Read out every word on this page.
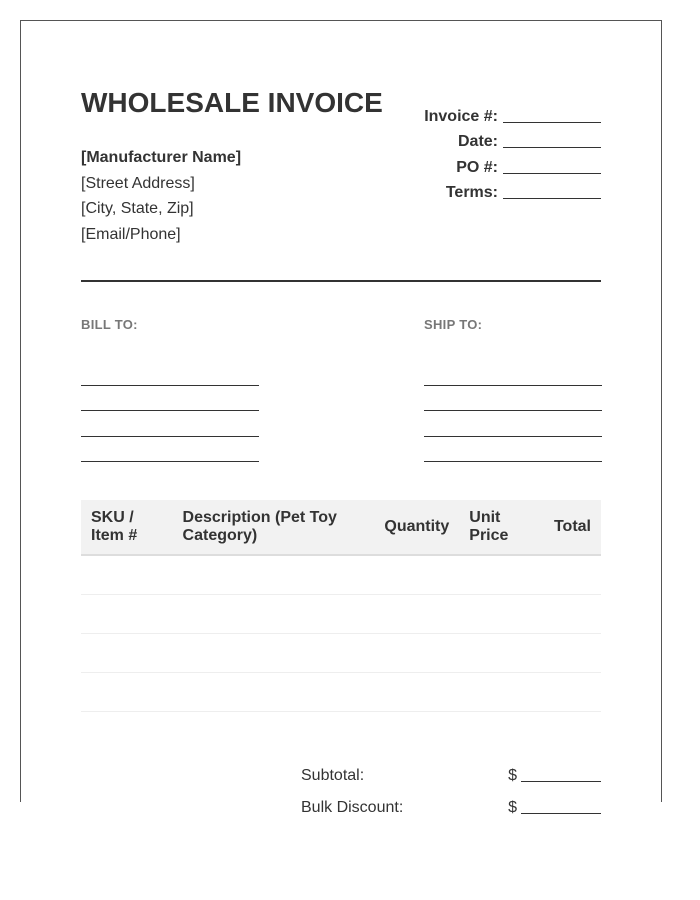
WHOLESALE INVOICE
[Manufacturer Name]
[Street Address]
[City, State, Zip]
[Email/Phone]
Invoice #:
Date:
PO #:
Terms:
BILL TO:	SHIP TO:
SKU / Item #	Description (Pet Toy Category)	Quantity	Unit Price	Total

Subtotal:	$
Bulk Discount:	$
